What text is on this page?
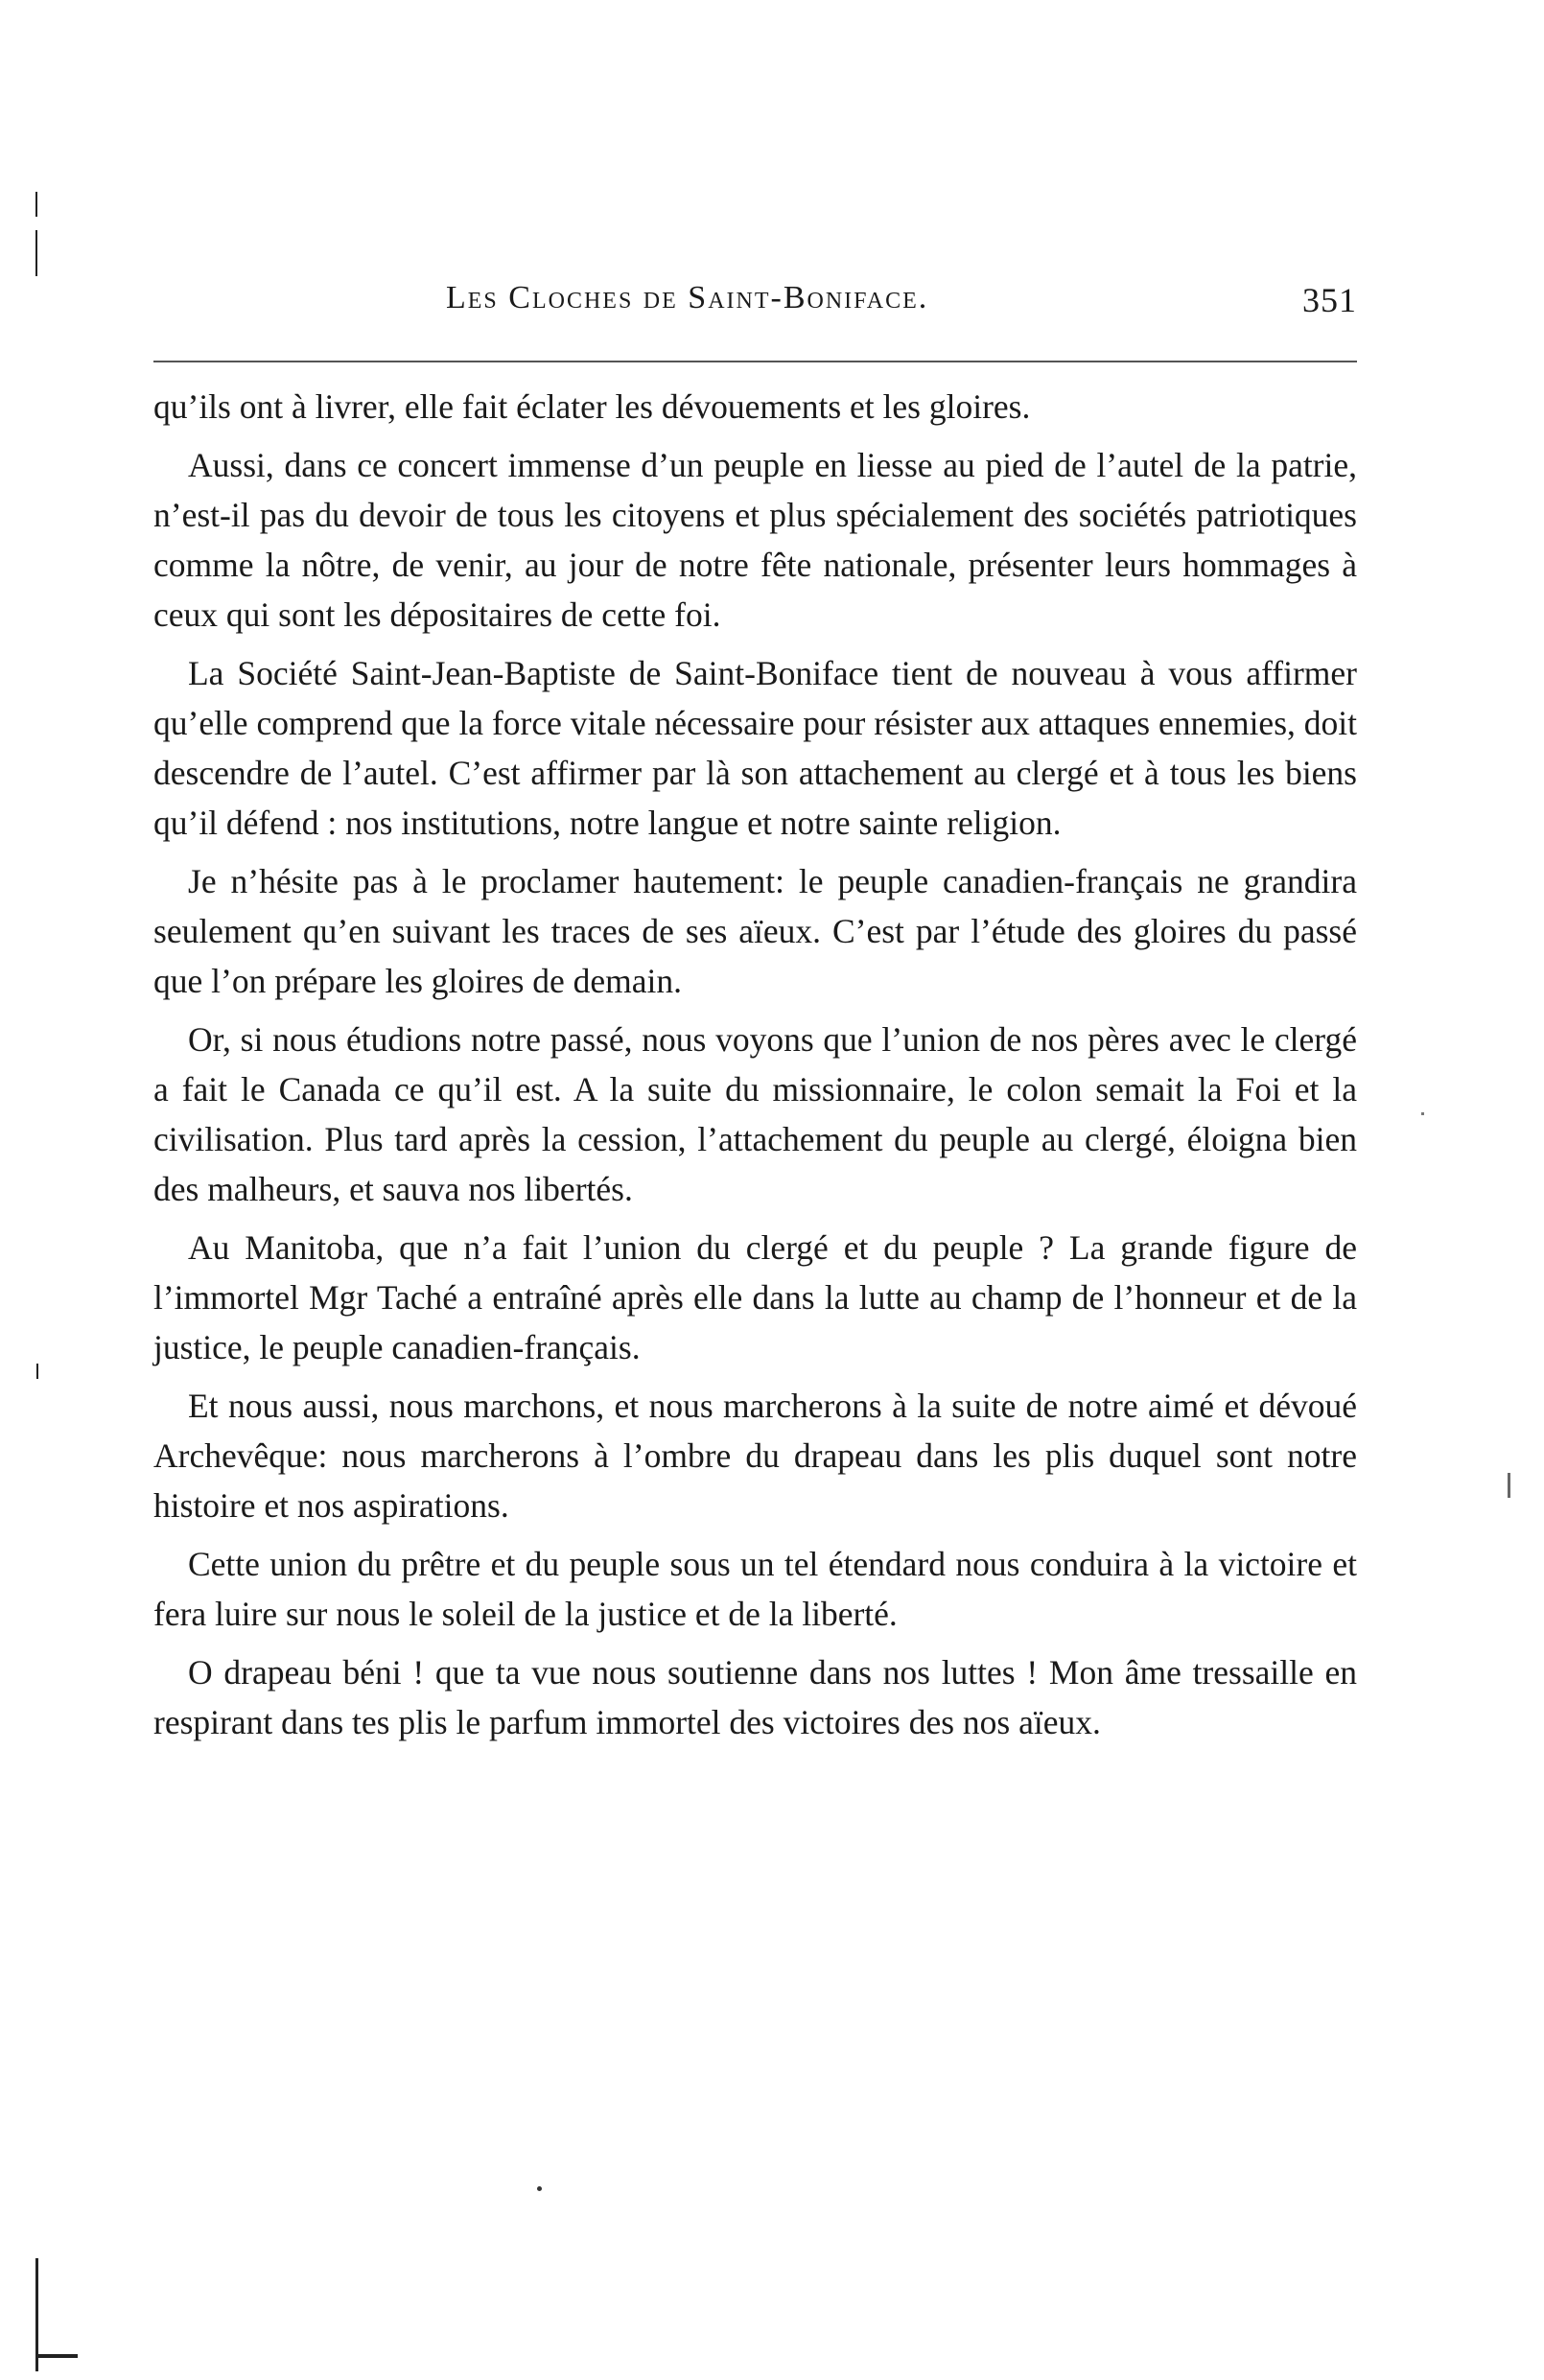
Les Cloches de Saint-Boniface.	351

qu’ils ont à livrer, elle fait éclater les dévouements et les gloires.

Aussi, dans ce concert immense d’un peuple en liesse au pied de l’autel de la patrie, n’est-il pas du devoir de tous les citoyens et plus spécialement des sociétés patriotiques comme la nôtre, de venir, au jour de notre fête nationale, présenter leurs hommages à ceux qui sont les dépositaires de cette foi.

La Société Saint-Jean-Baptiste de Saint-Boniface tient de nouveau à vous affirmer qu’elle comprend que la force vitale nécessaire pour résister aux attaques ennemies, doit descendre de l’autel. C’est affirmer par là son attachement au clergé et à tous les biens qu’il défend : nos institutions, notre langue et notre sainte religion.

Je n’hésite pas à le proclamer hautement: le peuple canadien-français ne grandira seulement qu’en suivant les traces de ses aïeux. C’est par l’étude des gloires du passé que l’on prépare les gloires de demain.

Or, si nous étudions notre passé, nous voyons que l’union de nos pères avec le clergé a fait le Canada ce qu’il est. A la suite du missionnaire, le colon semait la Foi et la civilisation. Plus tard après la cession, l’attachement du peuple au clergé, éloigna bien des malheurs, et sauva nos libertés.

Au Manitoba, que n’a fait l’union du clergé et du peuple ? La grande figure de l’immortel Mgr Taché a entraîné après elle dans la lutte au champ de l’honneur et de la justice, le peuple canadien-français.

Et nous aussi, nous marchons, et nous marcherons à la suite de notre aimé et dévoué Archevêque: nous marcherons à l’ombre du drapeau dans les plis duquel sont notre histoire et nos aspirations.

Cette union du prêtre et du peuple sous un tel étendard nous conduira à la victoire et fera luire sur nous le soleil de la justice et de la liberté.

O drapeau béni ! que ta vue nous soutienne dans nos luttes ! Mon âme tressaille en respirant dans tes plis le parfum immortel des victoires des nos aïeux.
